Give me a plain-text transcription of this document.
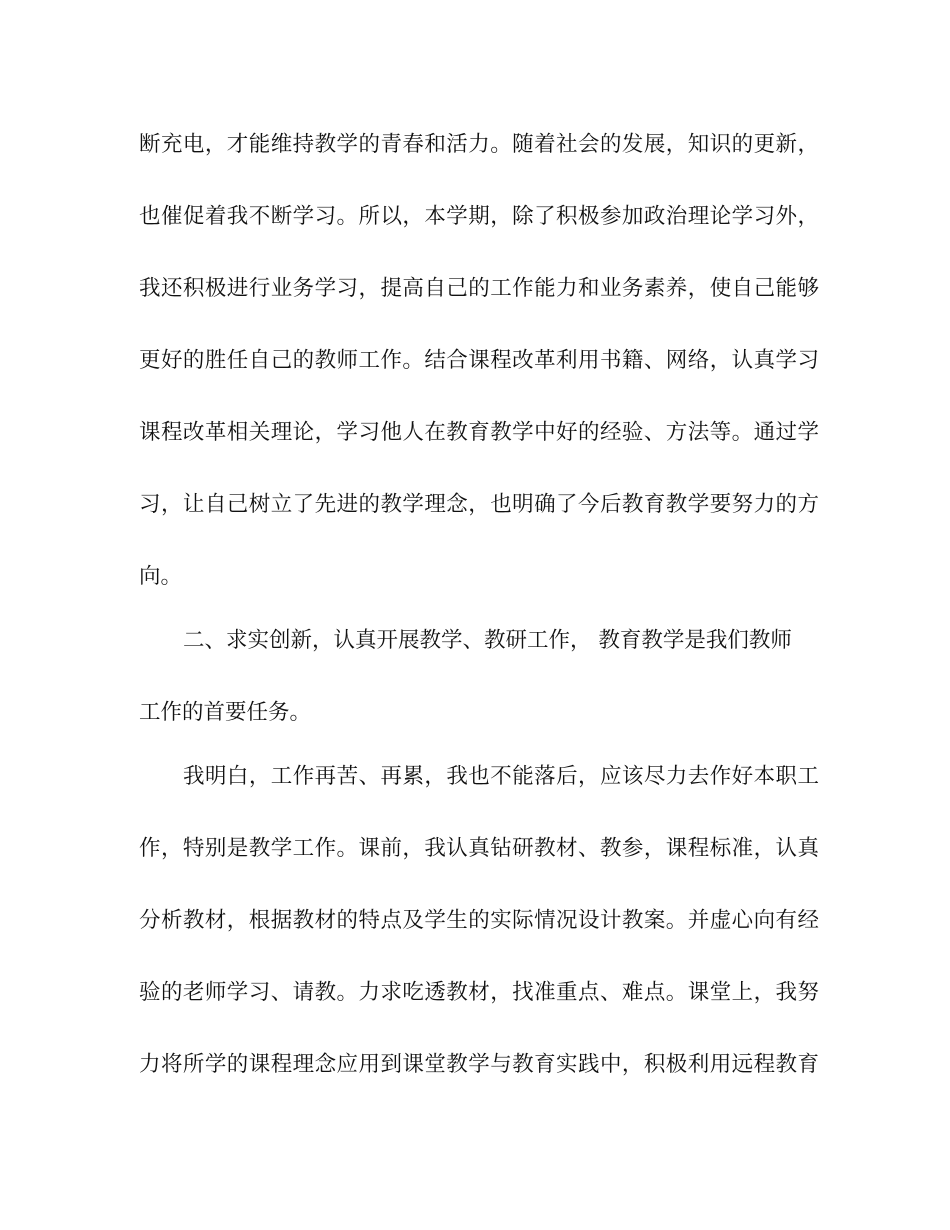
断充电，才能维持教学的青春和活力。随着社会的发展，知识的更新，
也催促着我不断学习。所以，本学期，除了积极参加政治理论学习外，
我还积极进行业务学习，提高自己的工作能力和业务素养，使自己能够
更好的胜任自己的教师工作。结合课程改革利用书籍、网络，认真学习
课程改革相关理论，学习他人在教育教学中好的经验、方法等。通过学
习，让自己树立了先进的教学理念，也明确了今后教育教学要努力的方
向。
二、求实创新，认真开展教学、教研工作， 教育教学是我们教师
工作的首要任务。
我明白，工作再苦、再累，我也不能落后，应该尽力去作好本职工
作，特别是教学工作。课前，我认真钻研教材、教参，课程标准，认真
分析教材，根据教材的特点及学生的实际情况设计教案。并虚心向有经
验的老师学习、请教。力求吃透教材，找准重点、难点。课堂上，我努
力将所学的课程理念应用到课堂教学与教育实践中，积极利用远程教育
